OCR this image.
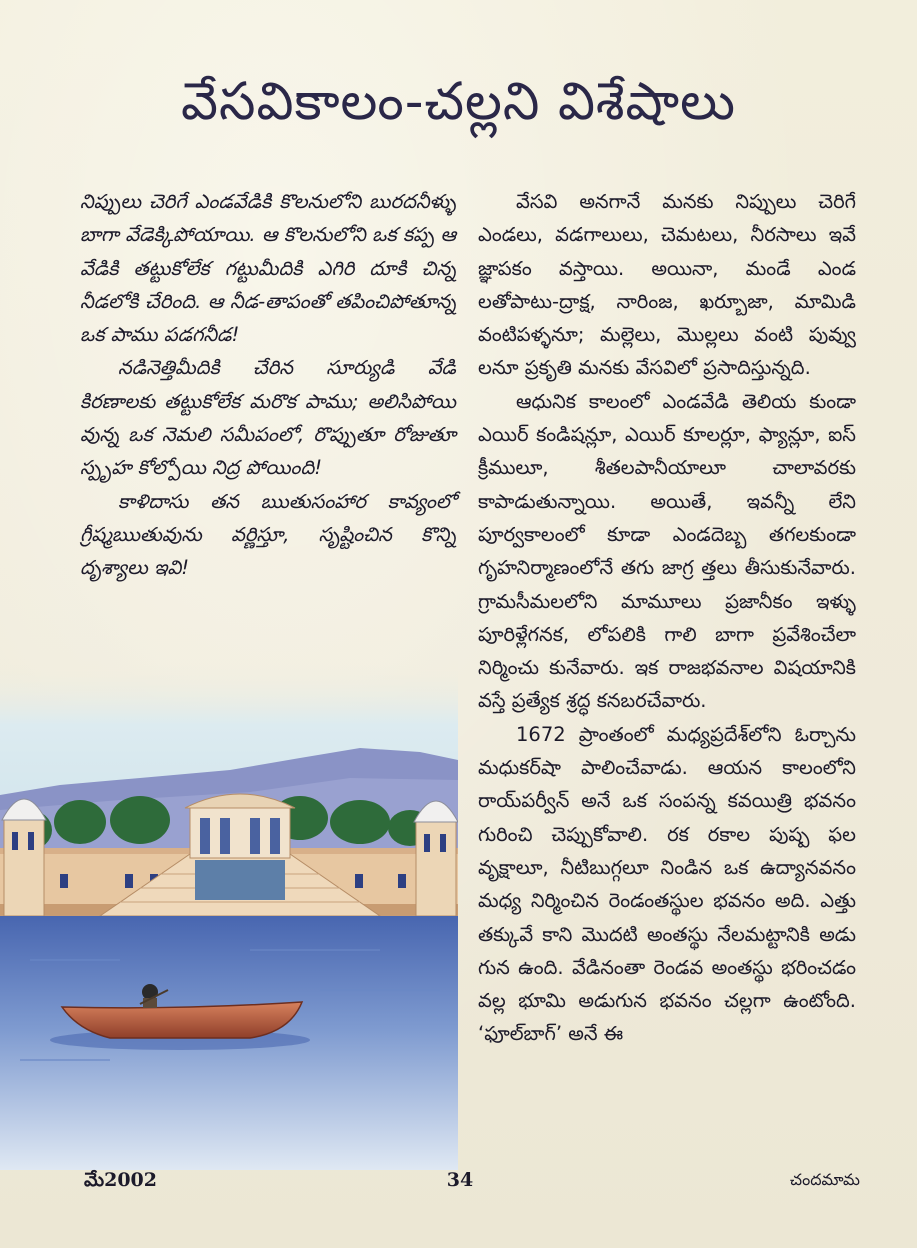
వేసవికాలం-చల్లని విశేషాలు

నిప్పులు చెరిగే ఎండవేడికి కొలనులోని బురదనీళ్ళు బాగా వేడెక్కిపోయాయి. ఆ కొలనులోని ఒక కప్ప ఆ వేడికి తట్టుకోలేక గట్టుమీదికి ఎగిరి దూకి చిన్న నీడలోకి చేరింది. ఆ నీడ-తాపంతో తపించిపోతూన్న ఒక పాము పడగనీడ!

నడినెత్తిమీదికి చేరిన సూర్యుడి వేడి కిరణాలకు తట్టుకోలేక మరొక పాము; అలిసిపోయి వున్న ఒక నెమలి సమీపంలో, రొప్పుతూ రోజుతూ స్పృహ కోల్పోయి నిద్ర పోయింది!

కాళిదాసు తన ఋతుసంహార కావ్యంలో గ్రీష్మఋతువును వర్ణిస్తూ, సృష్టించిన కొన్ని దృశ్యాలు ఇవి!

వేసవి అనగానే మనకు నిప్పులు చెరిగే ఎండలు, వడగాలులు, చెమటలు, నీరసాలు ఇవే జ్ఞాపకం వస్తాయి. అయినా, మండే ఎండ లతోపాటు-ద్రాక్ష, నారింజ, ఖర్బూజా, మామిడి వంటిపళ్ళనూ; మల్లెలు, మొల్లలు వంటి పువ్వు లనూ ప్రకృతి మనకు వేసవిలో ప్రసాదిస్తున్నది.

ఆధునిక కాలంలో ఎండవేడి తెలియ కుండా ఎయిర్ కండిషన్లూ, ఎయిర్ కూలర్లూ, ఫ్యాన్లూ, ఐస్ క్రీములూ, శీతలపానీయాలూ చాలావరకు కాపాడుతున్నాయి. అయితే, ఇవన్నీ లేని పూర్వకాలంలో కూడా ఎండదెబ్బ తగలకుండా గృహనిర్మాణంలోనే తగు జాగ్ర త్తలు తీసుకునేవారు. గ్రామసీమలలోని మామూలు ప్రజానీకం ఇళ్ళు పూరిళ్లేగనక, లోపలికి గాలి బాగా ప్రవేశించేలా నిర్మించు కునేవారు. ఇక రాజభవనాల విషయానికి వస్తే ప్రత్యేక శ్రద్ధ కనబరచేవారు.

1672 ప్రాంతంలో మధ్యప్రదేశ్‌లోని ఓర్చాను మధుకర్‌షా పాలించేవాడు. ఆయన కాలంలోని రాయ్‌పర్వీన్ అనే ఒక సంపన్న కవయిత్రి భవనం గురించి చెప్పుకోవాలి. రక రకాల పుష్ప ఫల వృక్షాలూ, నీటిబుగ్గలూ నిండిన ఒక ఉద్యానవనం మధ్య నిర్మించిన రెండంతస్థుల భవనం అది. ఎత్తు తక్కువే కాని మొదటి అంతస్థు నేలమట్టానికి అడు గున ఉంది. వేడినంతా రెండవ అంతస్థు భరించడం వల్ల భూమి అడుగున భవనం చల్లగా ఉంటోంది. ‘ఫూల్‌బాగ్’ అనే ఈ

మే2002	34	చందమామ
